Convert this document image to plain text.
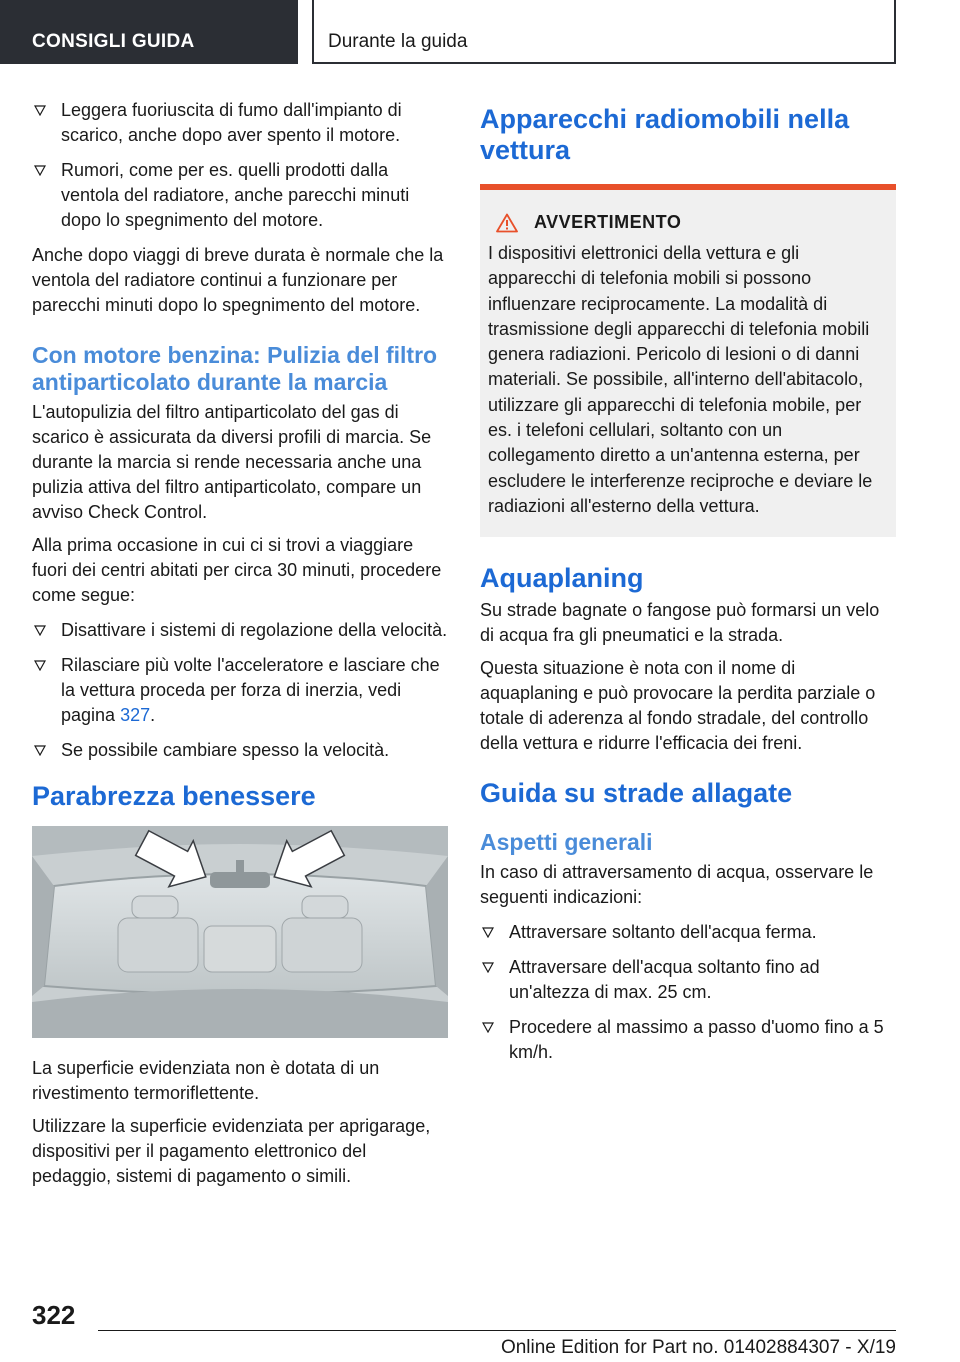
CONSIGLI GUIDA	Durante la guida
Leggera fuoriuscita di fumo dall'impianto di scarico, anche dopo aver spento il motore.
Rumori, come per es. quelli prodotti dalla ventola del radiatore, anche parecchi minuti dopo lo spegnimento del motore.

Anche dopo viaggi di breve durata è normale che la ventola del radiatore continui a funzionare per parecchi minuti dopo lo spegnimento del motore.

Con motore benzina: Pulizia del filtro antiparticolato durante la marcia

L'autopulizia del filtro antiparticolato del gas di scarico è assicurata da diversi profili di marcia. Se durante la marcia si rende necessaria anche una pulizia attiva del filtro antiparticolato, compare un avviso Check Control.

Alla prima occasione in cui ci si trovi a viaggiare fuori dei centri abitati per circa 30 minuti, procedere come segue:

Disattivare i sistemi di regolazione della velocità.
Rilasciare più volte l'acceleratore e lasciare che la vettura proceda per forza di inerzia, vedi pagina 327.
Se possibile cambiare spesso la velocità.
Parabrezza benessere

La superficie evidenziata non è dotata di un rivestimento termoriflettente.

Utilizzare la superficie evidenziata per aprigarage, dispositivi per il pagamento elettronico del pedaggio, sistemi di pagamento o simili.

Apparecchi radiomobili nella vettura
AVVERTIMENTO

I dispositivi elettronici della vettura e gli apparecchi di telefonia mobili si possono influenzare reciprocamente. La modalità di trasmissione degli apparecchi di telefonia mobili genera radiazioni. Pericolo di lesioni o di danni materiali. Se possibile, all'interno dell'abitacolo, utilizzare gli apparecchi di telefonia mobile, per es. i telefoni cellulari, soltanto con un collegamento diretto a un'antenna esterna, per escludere le interferenze reciproche e deviare le radiazioni all'esterno della vettura.

Aquaplaning

Su strade bagnate o fangose può formarsi un velo di acqua fra gli pneumatici e la strada.

Questa situazione è nota con il nome di aquaplaning e può provocare la perdita parziale o totale di aderenza al fondo stradale, del controllo della vettura e ridurre l'efficacia dei freni.

Guida su strade allagate
Aspetti generali

In caso di attraversamento di acqua, osservare le seguenti indicazioni:

Attraversare soltanto dell'acqua ferma.
Attraversare dell'acqua soltanto fino ad un'altezza di max. 25 cm.
Procedere al massimo a passo d'uomo fino a 5 km/h.
322
Online Edition for Part no. 01402884307 - X/19
